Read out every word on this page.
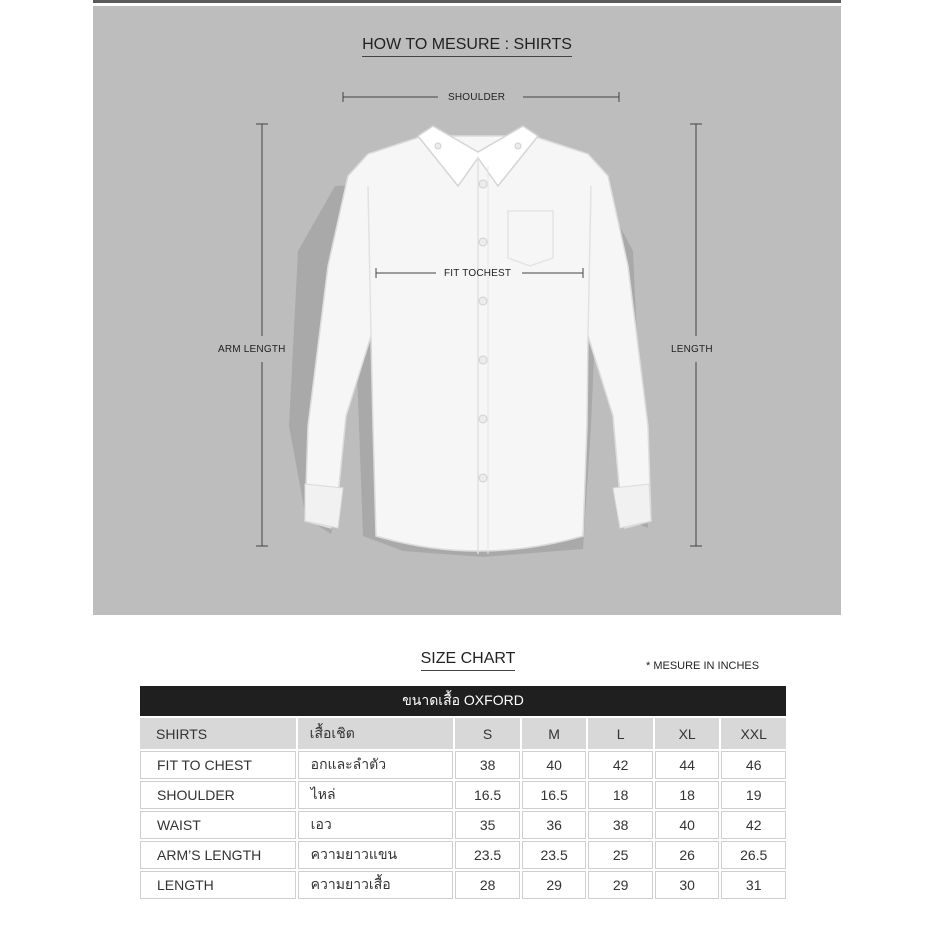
HOW TO MESURE : SHIRTS
SHOULDER
FIT TOCHEST
ARM LENGTH	LENGTH
SIZE CHART	* MESURE IN INCHES
ขนาดเสื้อ OXFORD						
SHIRTS	เสื้อเชิต	S	M	L	XL	XXL
FIT TO CHEST	อกและลำตัว	38	40	42	44	46
SHOULDER	ไหล่	16.5	16.5	18	18	19
WAIST	เอว	35	36	38	40	42
ARM’S LENGTH	ความยาวแขน	23.5	23.5	25	26	26.5
LENGTH	ความยาวเสื้อ	28	29	29	30	31
